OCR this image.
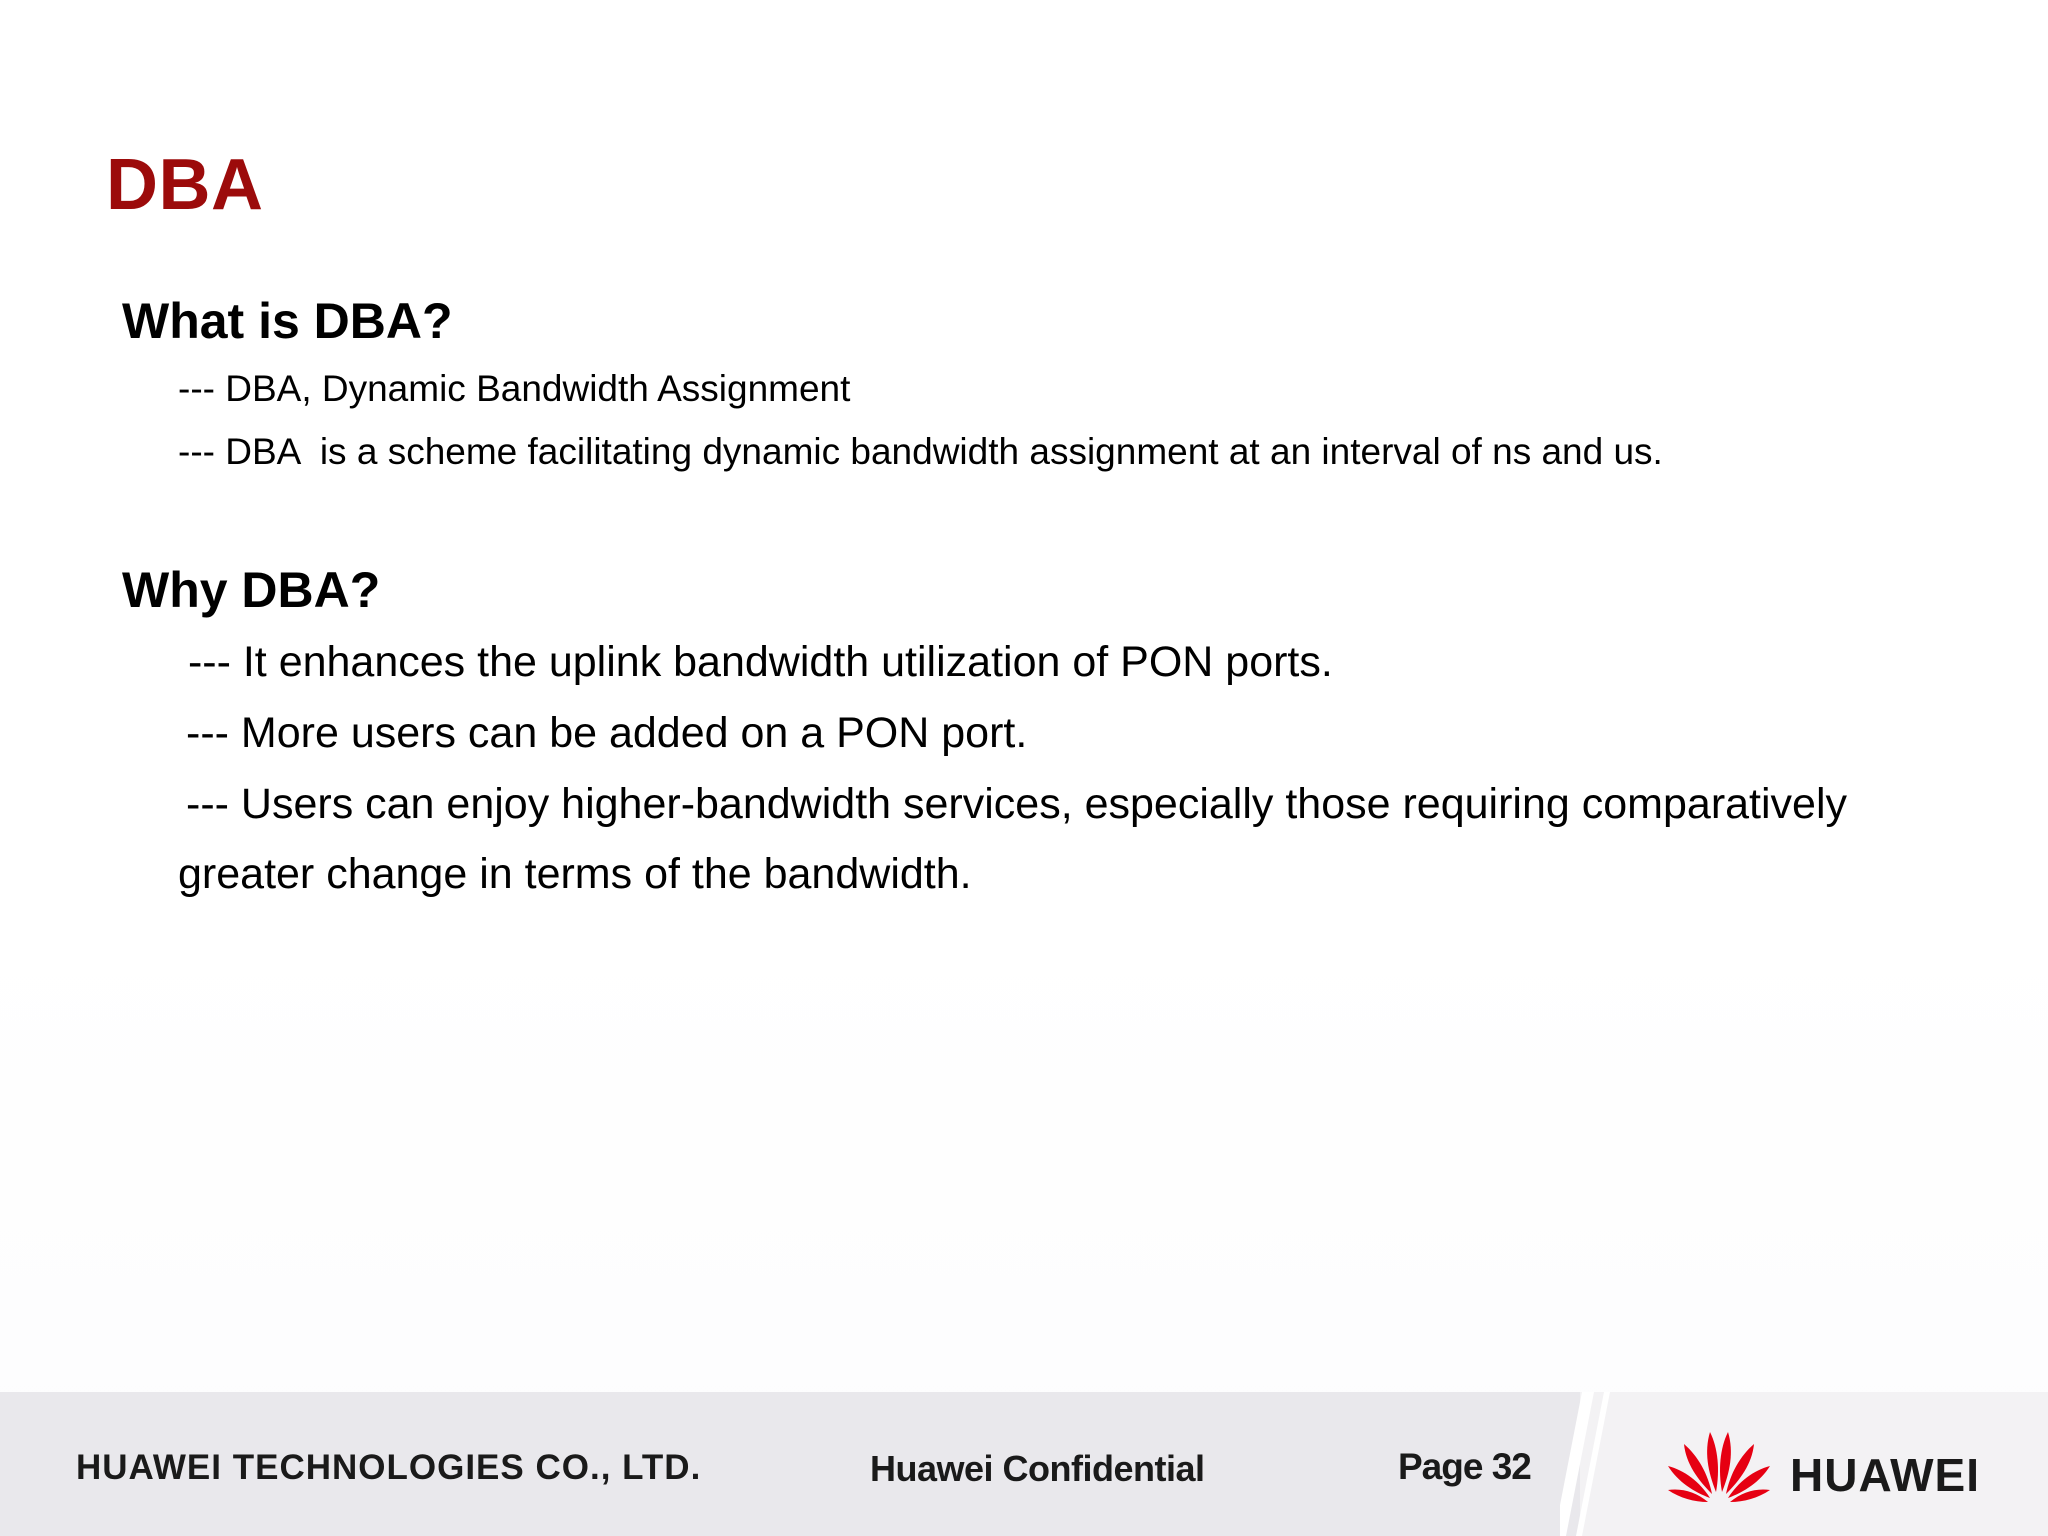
DBA
What is DBA?
--- DBA, Dynamic Bandwidth Assignment
--- DBA  is a scheme facilitating dynamic bandwidth assignment at an interval of ns and us.
Why DBA?
--- It enhances the uplink bandwidth utilization of PON ports.
--- More users can be added on a PON port.
--- Users can enjoy higher-bandwidth services, especially those requiring comparatively
greater change in terms of the bandwidth.
HUAWEI TECHNOLOGIES CO., LTD.	Huawei Confidential	Page 32	HUAWEI
